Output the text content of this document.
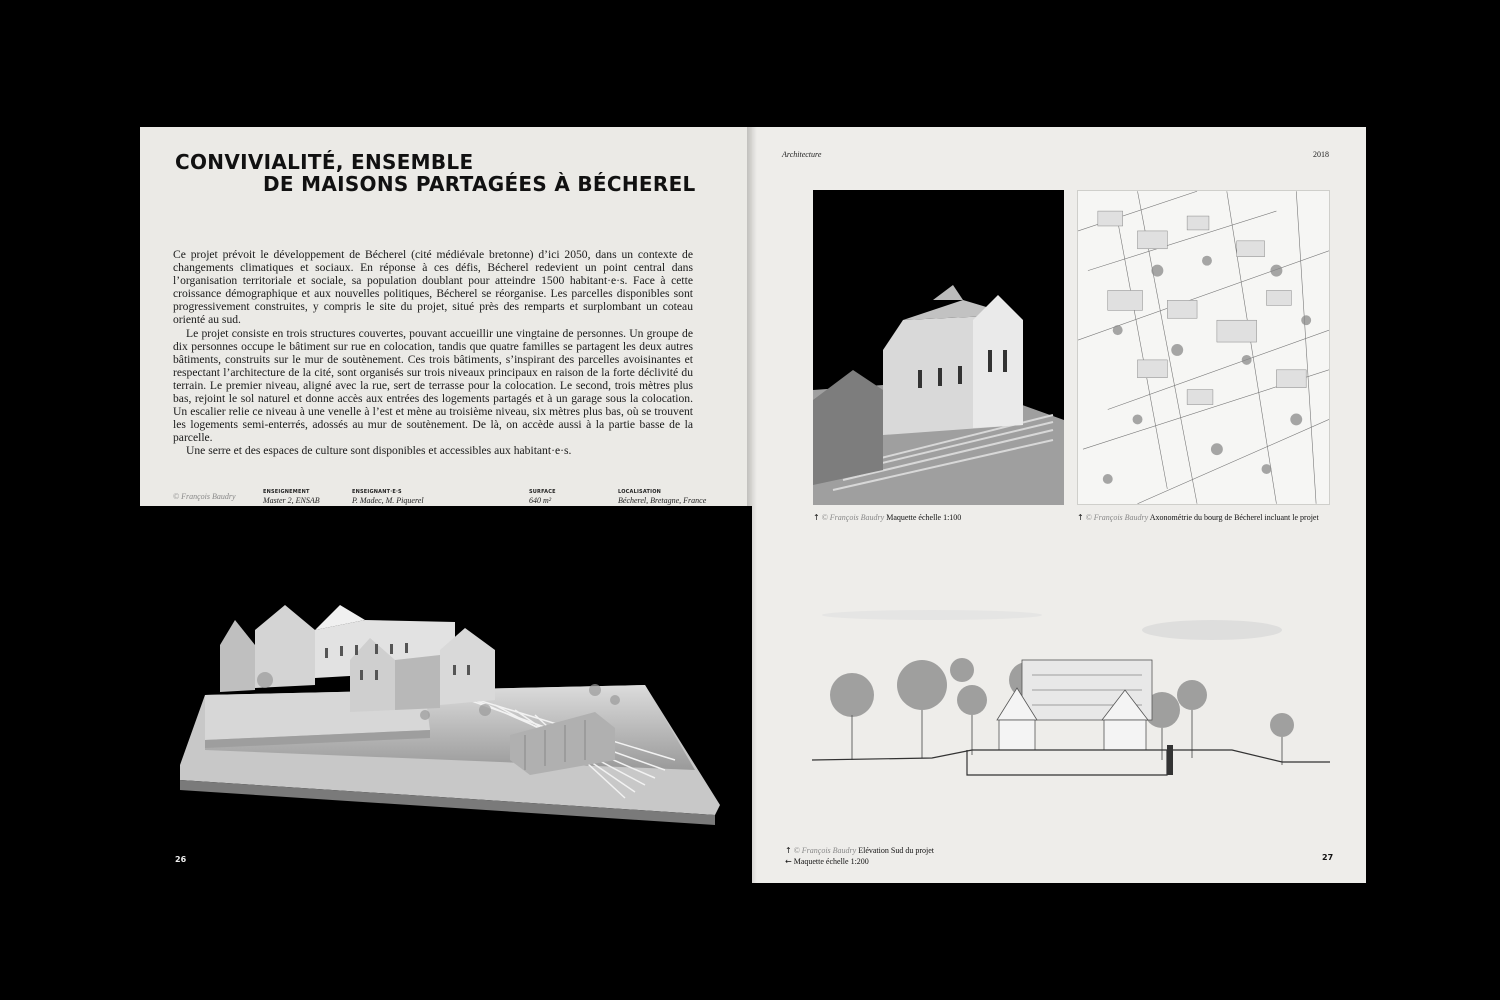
CONVIVIALITÉ, ENSEMBLE
DE MAISONS PARTAGÉES À BÉCHEREL

Ce projet prévoit le développement de Bécherel (cité médiévale bretonne) d’ici 2050, dans un contexte de changements climatiques et sociaux. En réponse à ces défis, Bécherel redevient un point central dans l’organisation territoriale et sociale, sa population doublant pour atteindre 1500 habitant·e·s. Face à cette croissance démographique et aux nouvelles politiques, Bécherel se réorganise. Les parcelles disponibles sont progressivement construites, y compris le site du projet, situé près des remparts et surplombant un coteau orienté au sud.

Le projet consiste en trois structures couvertes, pouvant accueillir une vingtaine de personnes. Un groupe de dix personnes occupe le bâtiment sur rue en colocation, tandis que quatre familles se partagent les deux autres bâtiments, construits sur le mur de soutènement. Ces trois bâtiments, s’inspirant des parcelles avoisinantes et respectant l’architecture de la cité, sont organisés sur trois niveaux principaux en raison de la forte déclivité du terrain. Le premier niveau, aligné avec la rue, sert de terrasse pour la colocation. Le second, trois mètres plus bas, rejoint le sol naturel et donne accès aux entrées des logements partagés et à un garage sous la colocation. Un escalier relie ce niveau à une venelle à l’est et mène au troisième niveau, six mètres plus bas, où se trouvent les logements semi-enterrés, adossés au mur de soutènement. De là, on accède aussi à la partie basse de la parcelle.

Une serre et des espaces de culture sont disponibles et accessibles aux habitant·e·s.

© François Baudry	ENSEIGNEMENT
Master 2, ENSAB
ENSEIGNANT·E·S
P. Madec, M. Piquerel
SURFACE
640 m²
LOCALISATION
Bécherel, Bretagne, France
26
Architecture	2018
↑ © François Baudry Maquette échelle 1:100	↑ © François Baudry Axonométrie du bourg de Bécherel incluant le projet
↑ © François Baudry Elévation Sud du projet
← Maquette échelle 1:200	27
